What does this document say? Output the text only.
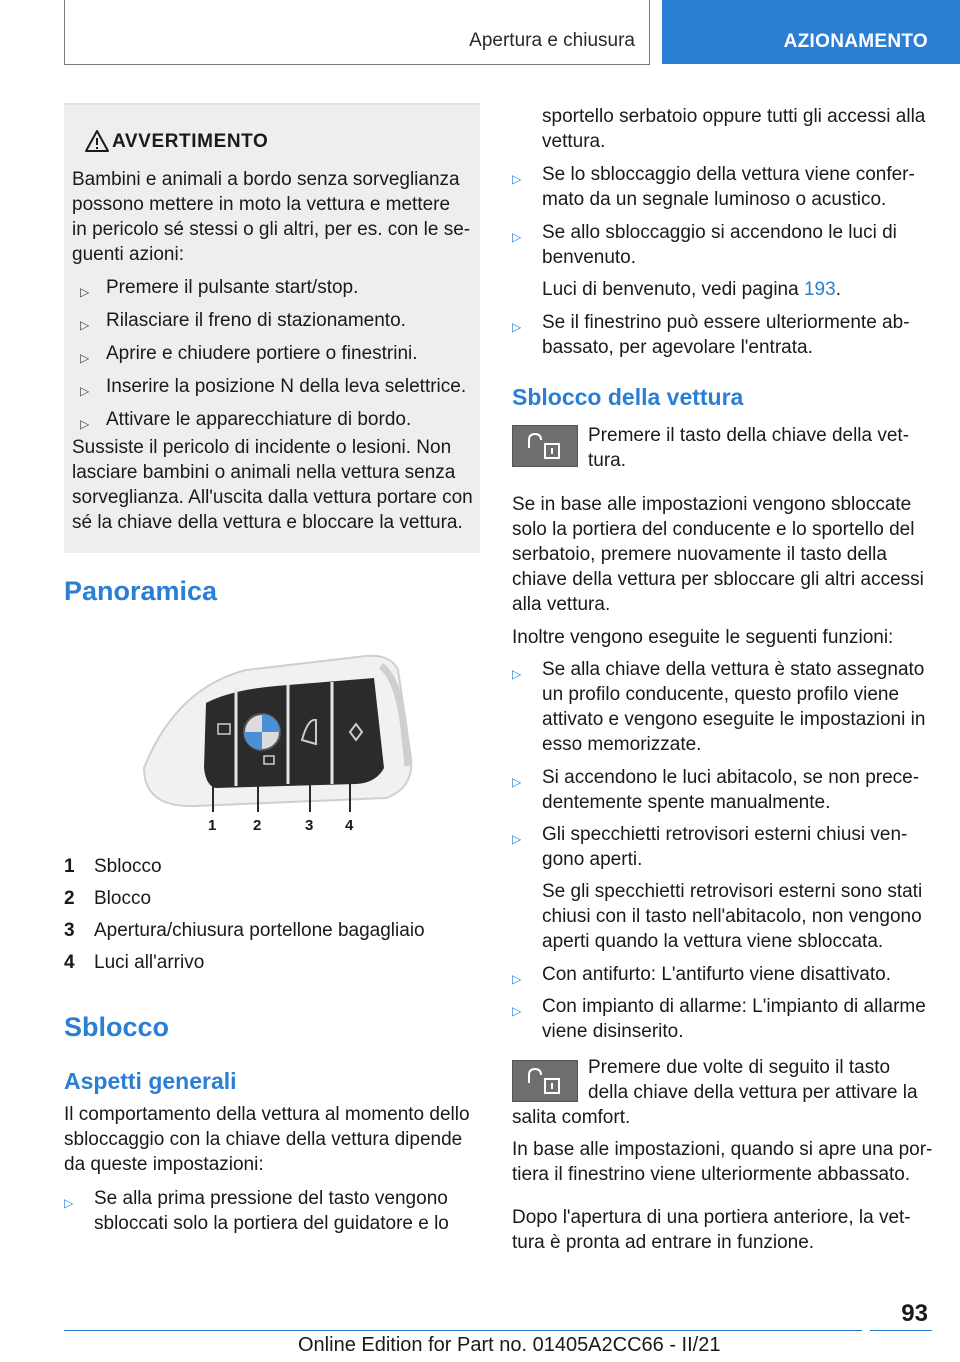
Apertura e chiusura	AZIONAMENTO
AVVERTIMENTO
Bambini e animali a bordo senza sorveglianza
possono mettere in moto la vettura e mettere
in pericolo sé stessi o gli altri, per es. con le se-
guenti azioni:
▷ Premere il pulsante start/stop.
▷ Rilasciare il freno di stazionamento.
▷ Aprire e chiudere portiere o finestrini.
▷ Inserire la posizione N della leva selettrice.
▷ Attivare le apparecchiature di bordo.
Sussiste il pericolo di incidente o lesioni. Non
lasciare bambini o animali nella vettura senza
sorveglianza. All'uscita dalla vettura portare con
sé la chiave della vettura e bloccare la vettura.
Panoramica
1 2	3 4
1 Sblocco
2 Blocco
3 Apertura/chiusura portellone bagagliaio
4 Luci all'arrivo
Sblocco
Aspetti generali
Il comportamento della vettura al momento dello
sbloccaggio con la chiave della vettura dipende
da queste impostazioni:
▷ Se alla prima pressione del tasto vengono
sbloccati solo la portiera del guidatore e lo
sportello serbatoio oppure tutti gli accessi alla
vettura.
▷ Se lo sbloccaggio della vettura viene confer-
mato da un segnale luminoso o acustico.
▷ Se allo sbloccaggio si accendono le luci di
benvenuto.
Luci di benvenuto, vedi pagina 193.
▷ Se il finestrino può essere ulteriormente ab-
bassato, per agevolare l'entrata.
Sblocco della vettura
Premere il tasto della chiave della vet-
tura.
Se in base alle impostazioni vengono sbloccate
solo la portiera del conducente e lo sportello del
serbatoio, premere nuovamente il tasto della
chiave della vettura per sbloccare gli altri accessi
alla vettura.
Inoltre vengono eseguite le seguenti funzioni:
▷ Se alla chiave della vettura è stato assegnato
un profilo conducente, questo profilo viene
attivato e vengono eseguite le impostazioni in
esso memorizzate.
▷ Si accendono le luci abitacolo, se non prece-
dentemente spente manualmente.
▷ Gli specchietti retrovisori esterni chiusi ven-
gono aperti.
Se gli specchietti retrovisori esterni sono stati
chiusi con il tasto nell'abitacolo, non vengono
aperti quando la vettura viene sbloccata.
▷ Con antifurto: L'antifurto viene disattivato.
▷ Con impianto di allarme: L'impianto di allarme
viene disinserito.
Premere due volte di seguito il tasto
della chiave della vettura per attivare la
salita comfort.
In base alle impostazioni, quando si apre una por-
tiera il finestrino viene ulteriormente abbassato.
Dopo l'apertura di una portiera anteriore, la vet-
tura è pronta ad entrare in funzione.
93
Online Edition for Part no. 01405A2CC66 - II/21
